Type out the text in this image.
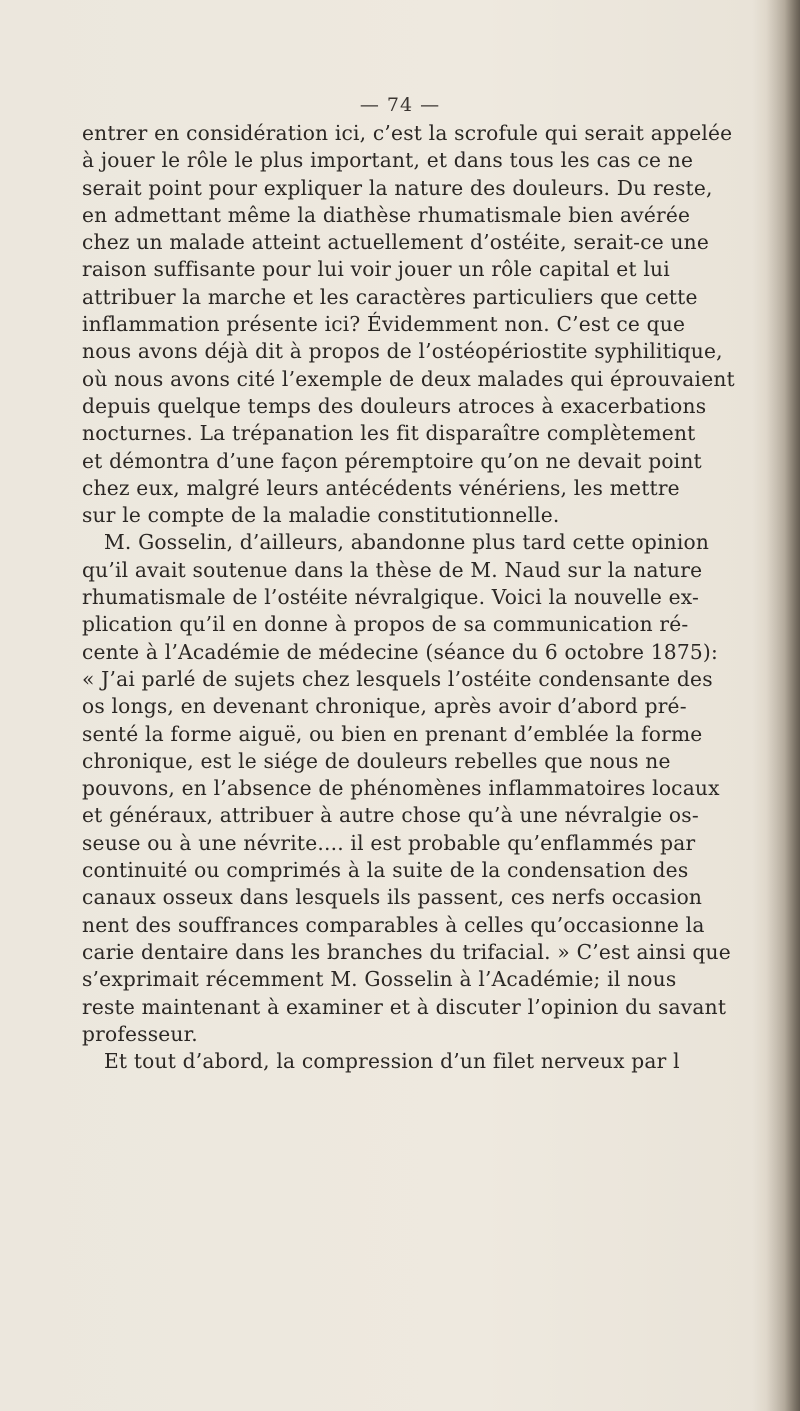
— 74 —
entrer en considération ici, c’est la scrofule qui serait appelée
à jouer le rôle le plus important, et dans tous les cas ce ne
serait point pour expliquer la nature des douleurs. Du reste,
en admettant même la diathèse rhumatismale bien avérée
chez un malade atteint actuellement d’ostéite, serait-ce une
raison suffisante pour lui voir jouer un rôle capital et lui
attribuer la marche et les caractères particuliers que cette
inflammation présente ici? Évidemment non. C’est ce que
nous avons déjà dit à propos de l’ostéopériostite syphilitique,
où nous avons cité l’exemple de deux malades qui éprouvaient
depuis quelque temps des douleurs atroces à exacerbations
nocturnes. La trépanation les fit disparaître complètement
et démontra d’une façon péremptoire qu’on ne devait point
chez eux, malgré leurs antécédents vénériens, les mettre
sur le compte de la maladie constitutionnelle.
M. Gosselin, d’ailleurs, abandonne plus tard cette opinion
qu’il avait soutenue dans la thèse de M. Naud sur la nature
rhumatismale de l’ostéite névralgique. Voici la nouvelle ex-
plication qu’il en donne à propos de sa communication ré-
cente à l’Académie de médecine (séance du 6 octobre 1875):
« J’ai parlé de sujets chez lesquels l’ostéite condensante des
os longs, en devenant chronique, après avoir d’abord pré-
senté la forme aiguë, ou bien en prenant d’emblée la forme
chronique, est le siége de douleurs rebelles que nous ne
pouvons, en l’absence de phénomènes inflammatoires locaux
et généraux, attribuer à autre chose qu’à une névralgie os-
seuse ou à une névrite.... il est probable qu’enflammés par
continuité ou comprimés à la suite de la condensation des
canaux osseux dans lesquels ils passent, ces nerfs occasion
nent des souffrances comparables à celles qu’occasionne la
carie dentaire dans les branches du trifacial. » C’est ainsi que
s’exprimait récemment M. Gosselin à l’Académie; il nous
reste maintenant à examiner et à discuter l’opinion du savant
professeur.
Et tout d’abord, la compression d’un filet nerveux par l
